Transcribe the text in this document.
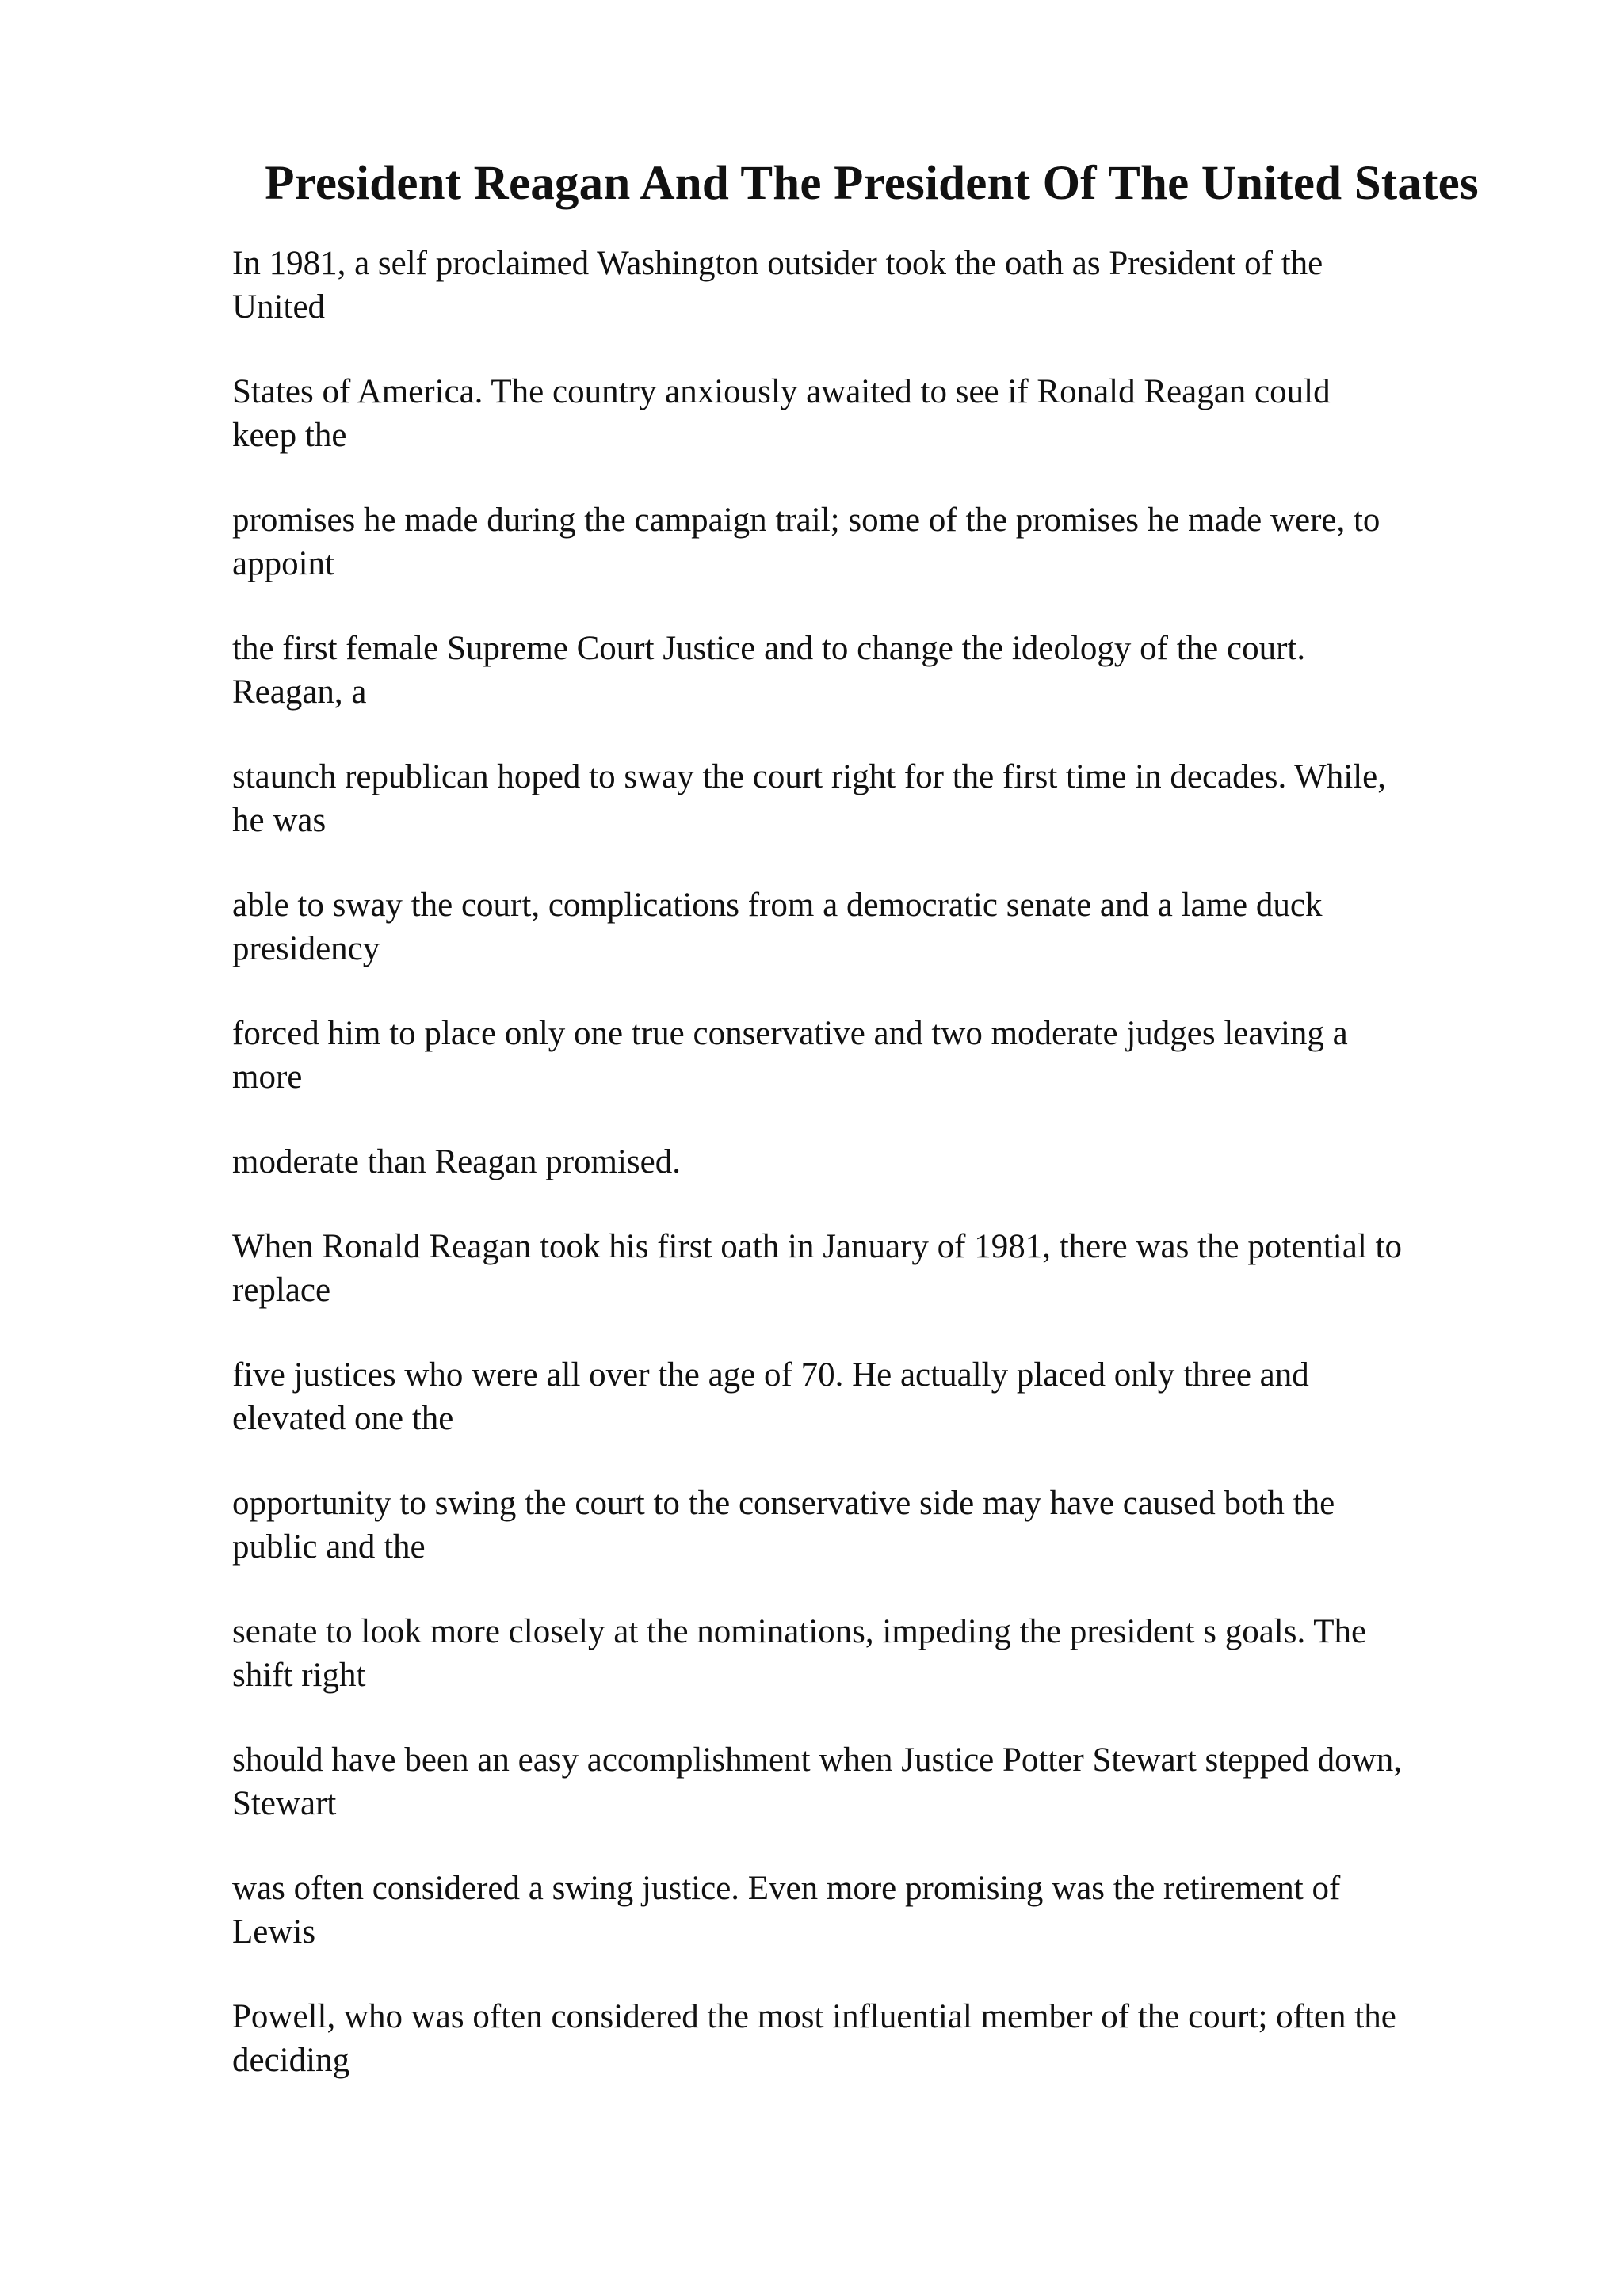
President Reagan And The President Of The United States

In 1981, a self proclaimed Washington outsider took the oath as President of the
United

States of America. The country anxiously awaited to see if Ronald Reagan could
keep the

promises he made during the campaign trail; some of the promises he made were, to
appoint

the first female Supreme Court Justice and to change the ideology of the court.
Reagan, a

staunch republican hoped to sway the court right for the first time in decades. While,
he was

able to sway the court, complications from a democratic senate and a lame duck
presidency

forced him to place only one true conservative and two moderate judges leaving a
more

moderate than Reagan promised.

When Ronald Reagan took his first oath in January of 1981, there was the potential to
replace

five justices who were all over the age of 70. He actually placed only three and
elevated one the

opportunity to swing the court to the conservative side may have caused both the
public and the

senate to look more closely at the nominations, impeding the president s goals. The
shift right

should have been an easy accomplishment when Justice Potter Stewart stepped down,
Stewart

was often considered a swing justice. Even more promising was the retirement of
Lewis

Powell, who was often considered the most influential member of the court; often the
deciding
